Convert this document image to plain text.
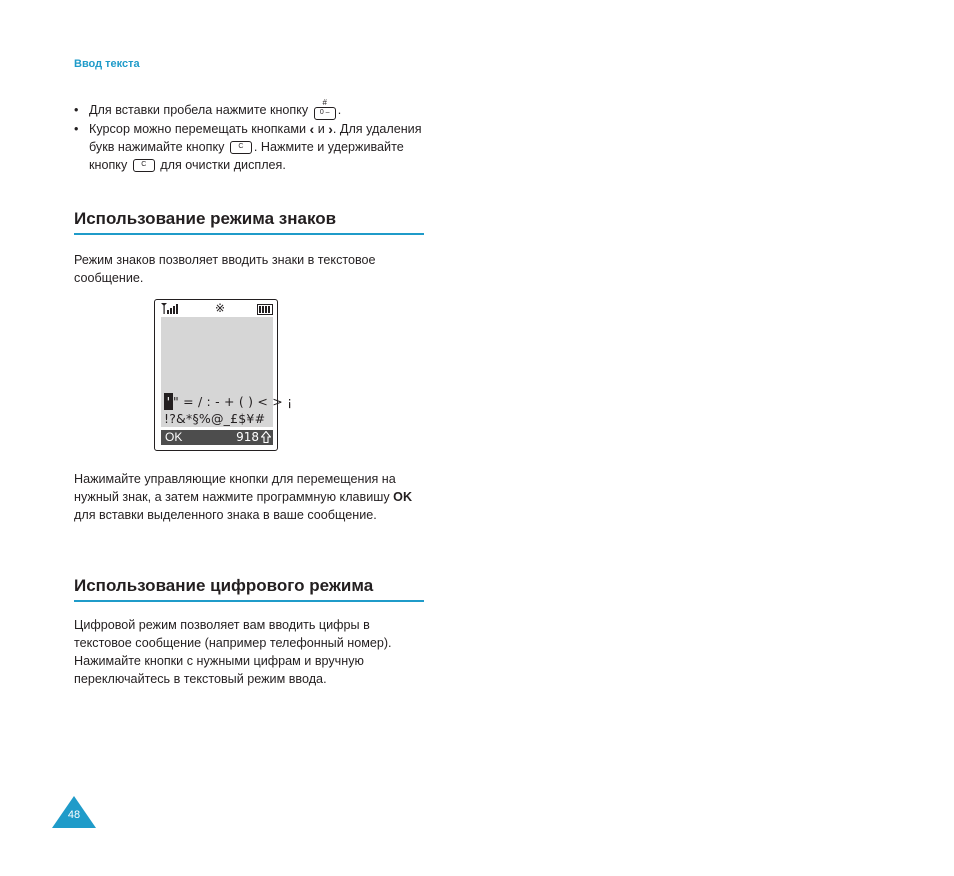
Ввод текста
• Для вставки пробела нажмите кнопку
#
0 – .
• Курсор можно перемещать кнопками ‹ и ›. Для удаления букв нажимайте кнопку C . Нажмите и удерживайте кнопку C для очистки дисплея.
Использование режима знаков
Режим знаков позволяет вводить знаки в текстовое сообщение.
※
' " = / : - + ( ) < > ¡
!?&*§%@_£$¥#
OK	918
Нажимайте управляющие кнопки для перемещения на нужный знак, а затем нажмите программную клавишу OK для вставки выделенного знака в ваше сообщение.
Использование цифрового режима
Цифровой режим позволяет вам вводить цифры в текстовое сообщение (например телефонный номер). Нажимайте кнопки с нужными цифрам и вручную переключайтесь в текстовый режим ввода.
48
